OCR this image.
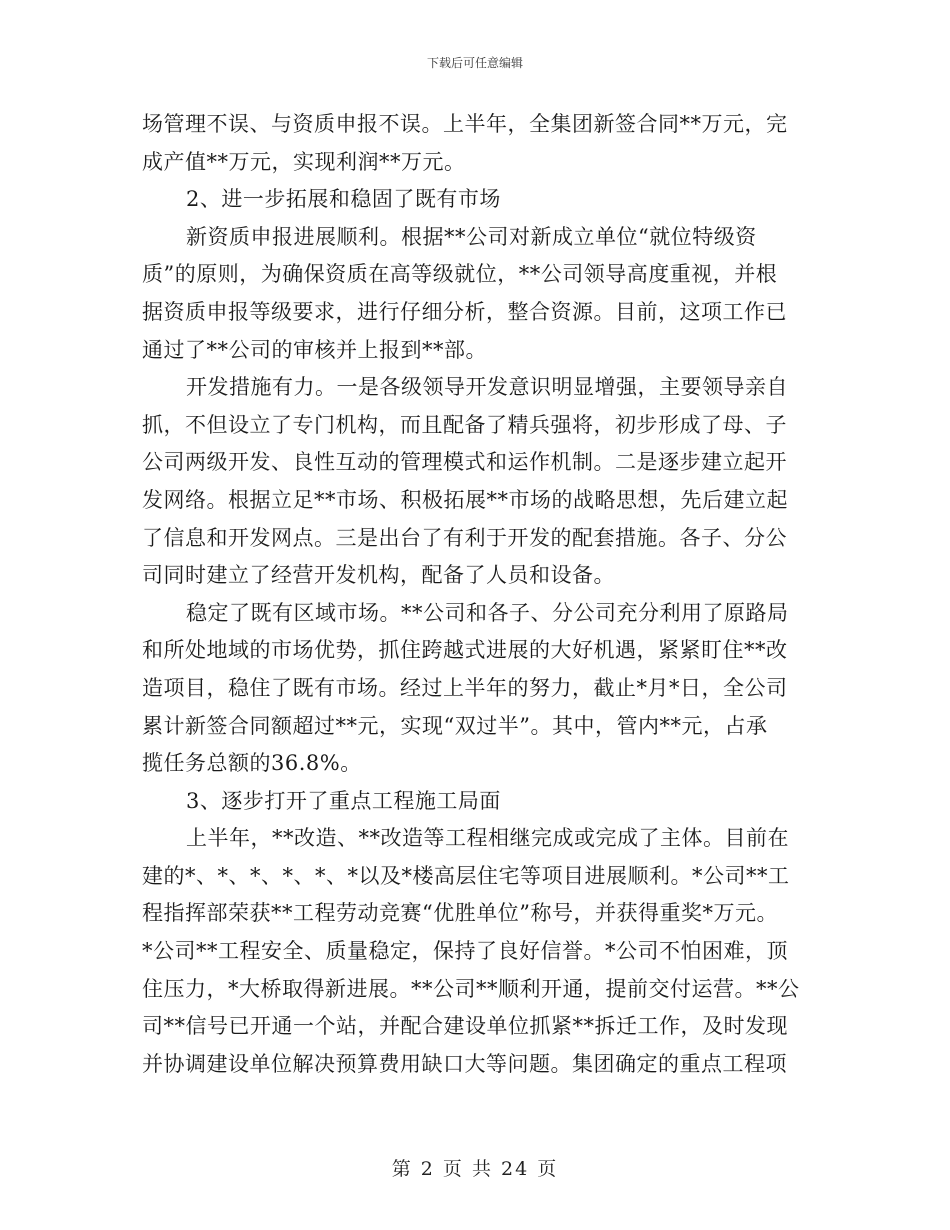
下载后可任意编辑
场管理不误、与资质申报不误。上半年，全集团新签合同**万元，完
成产值**万元，实现利润**万元。
2、进一步拓展和稳固了既有市场
新资质申报进展顺利。根据**公司对新成立单位“就位特级资
质”的原则，为确保资质在高等级就位，**公司领导高度重视，并根
据资质申报等级要求，进行仔细分析，整合资源。目前，这项工作已
通过了**公司的审核并上报到**部。
开发措施有力。一是各级领导开发意识明显增强，主要领导亲自
抓，不但设立了专门机构，而且配备了精兵强将，初步形成了母、子
公司两级开发、良性互动的管理模式和运作机制。二是逐步建立起开
发网络。根据立足**市场、积极拓展**市场的战略思想，先后建立起
了信息和开发网点。三是出台了有利于开发的配套措施。各子、分公
司同时建立了经营开发机构，配备了人员和设备。
稳定了既有区域市场。**公司和各子、分公司充分利用了原路局
和所处地域的市场优势，抓住跨越式进展的大好机遇，紧紧盯住**改
造项目，稳住了既有市场。经过上半年的努力，截止*月*日，全公司
累计新签合同额超过**元，实现“双过半”。其中，管内**元，占承
揽任务总额的36.8%。
3、逐步打开了重点工程施工局面
上半年，**改造、**改造等工程相继完成或完成了主体。目前在
建的*、*、*、*、*、*以及*楼高层住宅等项目进展顺利。*公司**工
程指挥部荣获**工程劳动竞赛“优胜单位”称号，并获得重奖*万元。
*公司**工程安全、质量稳定，保持了良好信誉。*公司不怕困难，顶
住压力，*大桥取得新进展。**公司**顺利开通，提前交付运营。**公
司**信号已开通一个站，并配合建设单位抓紧**拆迁工作，及时发现
并协调建设单位解决预算费用缺口大等问题。集团确定的重点工程项
第 2 页 共 24 页
